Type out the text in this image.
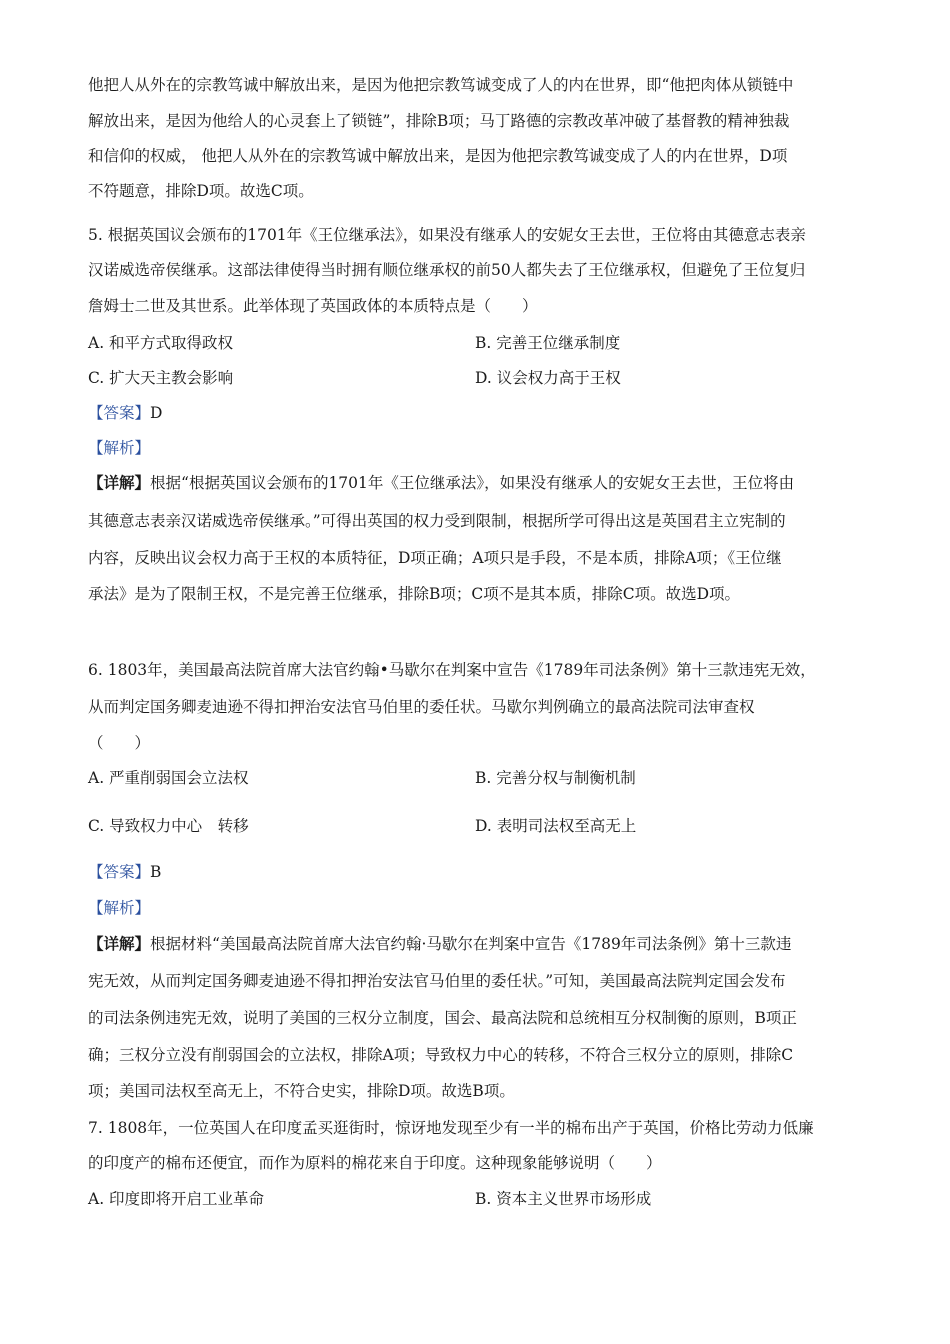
他把人从外在的宗教笃诚中解放出来，是因为他把宗教笃诚变成了人的内在世界，即“他把肉体从锁链中
解放出来，是因为他给人的心灵套上了锁链”，排除B项；马丁路德的宗教改革冲破了基督教的精神独裁
和信仰的权威， 他把人从外在的宗教笃诚中解放出来，是因为他把宗教笃诚变成了人的内在世界，D项
不符题意，排除D项。故选C项。
5. 根据英国议会颁布的1701年《王位继承法》，如果没有继承人的安妮女王去世，王位将由其德意志表亲
汉诺威选帝侯继承。这部法律使得当时拥有顺位继承权的前50人都失去了王位继承权，但避免了王位复归
詹姆士二世及其世系。此举体现了英国政体的本质特点是（　　）
A. 和平方式取得政权	B. 完善王位继承制度
C. 扩大天主教会影响	D. 议会权力高于王权
【答案】D
【解析】
【详解】根据“根据英国议会颁布的1701年《王位继承法》，如果没有继承人的安妮女王去世，王位将由
其德意志表亲汉诺威选帝侯继承。”可得出英国的权力受到限制，根据所学可得出这是英国君主立宪制的
内容，反映出议会权力高于王权的本质特征，D项正确；A项只是手段，不是本质，排除A项；《王位继
承法》是为了限制王权，不是完善王位继承，排除B项；C项不是其本质，排除C项。故选D项。
6. 1803年，美国最高法院首席大法官约翰•马歇尔在判案中宣告《1789年司法条例》第十三款违宪无效，
从而判定国务卿麦迪逊不得扣押治安法官马伯里的委任状。马歇尔判例确立的最高法院司法审查权
（　　）
A. 严重削弱国会立法权	B. 完善分权与制衡机制
C. 导致权力中心　转移	D. 表明司法权至高无上
【答案】B
【解析】
【详解】根据材料“美国最高法院首席大法官约翰·马歇尔在判案中宣告《1789年司法条例》第十三款违
宪无效，从而判定国务卿麦迪逊不得扣押治安法官马伯里的委任状。”可知，美国最高法院判定国会发布
的司法条例违宪无效，说明了美国的三权分立制度，国会、最高法院和总统相互分权制衡的原则，B项正
确；三权分立没有削弱国会的立法权，排除A项；导致权力中心的转移，不符合三权分立的原则，排除C
项；美国司法权至高无上，不符合史实，排除D项。故选B项。
7. 1808年，一位英国人在印度孟买逛街时，惊讶地发现至少有一半的棉布出产于英国，价格比劳动力低廉
的印度产的棉布还便宜，而作为原料的棉花来自于印度。这种现象能够说明（　　）
A. 印度即将开启工业革命	B. 资本主义世界市场形成
